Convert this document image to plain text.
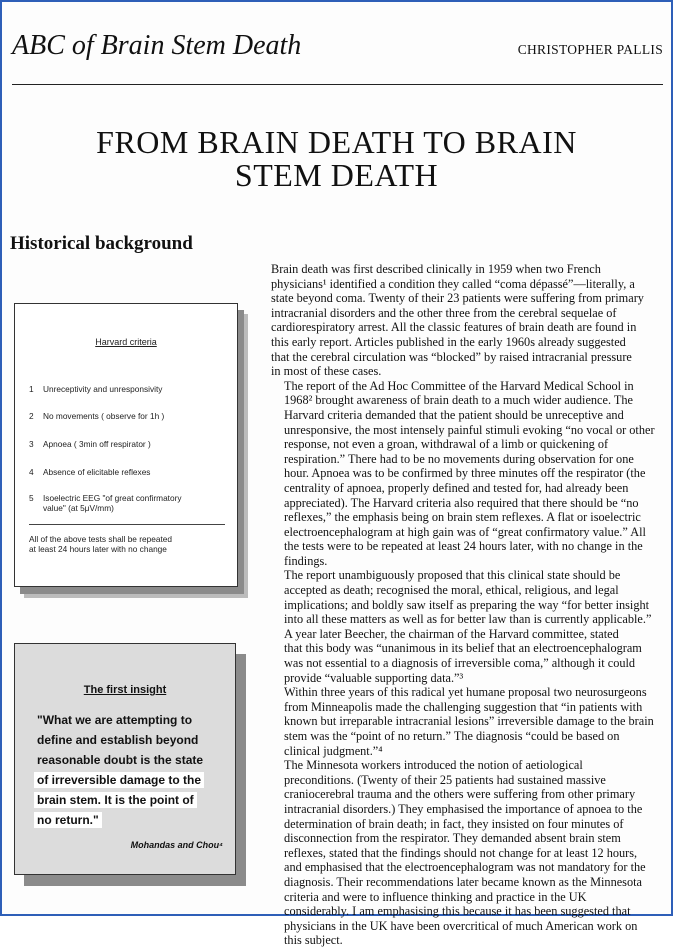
ABC of Brain Stem Death	CHRISTOPHER PALLIS
FROM BRAIN DEATH TO BRAIN
STEM DEATH
Historical background
Harvard criteria
1 Unreceptivity and unresponsivity
2 No movements ( observe for 1h )
3 Apnoea ( 3min off respirator )
4 Absence of elicitable reflexes
5 Isoelectric EEG "of great confirmatory
value" (at 5μV/mm)
All of the above tests shall be repeated
at least 24 hours later with no change
The first insight
"What we are attempting to
define and establish beyond
reasonable doubt is the state
of irreversible damage to the
brain stem. It is the point of
no return."
Mohandas and Chou⁴

Brain death was first described clinically in 1959 when two French
physicians¹ identified a condition they called “coma dépassé”—literally, a
state beyond coma. Twenty of their 23 patients were suffering from primary
intracranial disorders and the other three from the cerebral sequelae of
cardiorespiratory arrest. All the classic features of brain death are found in
this early report. Articles published in the early 1960s already suggested
that the cerebral circulation was “blocked” by raised intracranial pressure
in most of these cases.

The report of the Ad Hoc Committee of the Harvard Medical School in
1968² brought awareness of brain death to a much wider audience. The
Harvard criteria demanded that the patient should be unreceptive and
unresponsive, the most intensely painful stimuli evoking “no vocal or other
response, not even a groan, withdrawal of a limb or quickening of
respiration.” There had to be no movements during observation for one
hour. Apnoea was to be confirmed by three minutes off the respirator (the
centrality of apnoea, properly defined and tested for, had already been
appreciated). The Harvard criteria also required that there should be “no
reflexes,” the emphasis being on brain stem reflexes. A flat or isoelectric
electroencephalogram at high gain was of “great confirmatory value.” All
the tests were to be repeated at least 24 hours later, with no change in the
findings.

The report unambiguously proposed that this clinical state should be
accepted as death; recognised the moral, ethical, religious, and legal
implications; and boldly saw itself as preparing the way “for better insight
into all these matters as well as for better law than is currently applicable.”
A year later Beecher, the chairman of the Harvard committee, stated
that this body was “unanimous in its belief that an electroencephalogram
was not essential to a diagnosis of irreversible coma,” although it could
provide “valuable supporting data.”³

Within three years of this radical yet humane proposal two neurosurgeons
from Minneapolis made the challenging suggestion that “in patients with
known but irreparable intracranial lesions” irreversible damage to the brain
stem was the “point of no return.” The diagnosis “could be based on
clinical judgment.”⁴

The Minnesota workers introduced the notion of aetiological
preconditions. (Twenty of their 25 patients had sustained massive
craniocerebral trauma and the others were suffering from other primary
intracranial disorders.) They emphasised the importance of apnoea to the
determination of brain death; in fact, they insisted on four minutes of
disconnection from the respirator. They demanded absent brain stem
reflexes, stated that the findings should not change for at least 12 hours,
and emphasised that the electroencephalogram was not mandatory for the
diagnosis. Their recommendations later became known as the Minnesota
criteria and were to influence thinking and practice in the UK
considerably. I am emphasising this because it has been suggested that
physicians in the UK have been overcritical of much American work on
this subject.
